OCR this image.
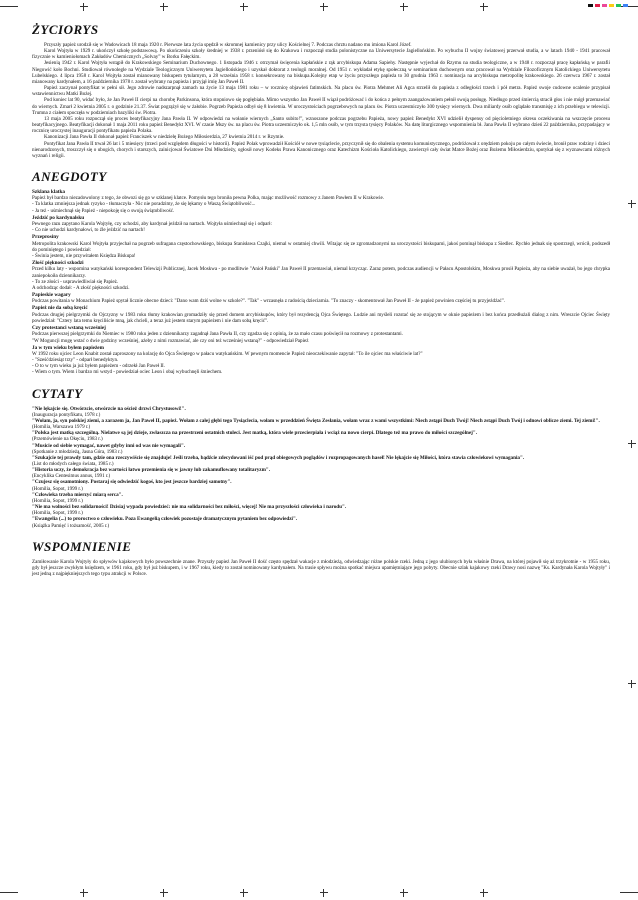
ŻYCIORYS

Przyszły papież urodził się w Wadowicach 18 maja 1920 r. Pierwsze lata życia spędził w skromnej kamienicy przy ulicy Kościelnej 7. Podczas chrztu nadano mu imiona Karol Józef.

Karol Wojtyła w 1929 r. ukończył szkołę podstawową. Po ukończeniu szkoły średniej w 1938 r. przeniósł się do Krakowa i rozpoczął studia polonistyczne na Uniwersytecie Jagiellońskim. Po wybuchu II wojny światowej przerwał studia, a w latach 1940 - 1941 pracował fizycznie w kamieniołomach Zakładów Chemicznych „Solvay” w Borku Fałęckim.

Jesienią 1942 r. Karol Wojtyła wstąpił do Krakowskiego Seminarium Duchownego. 1 listopada 1946 r. otrzymał święcenia kapłańskie z rąk arcybiskupa Adama Sapiehy. Następnie wyjechał do Rzymu na studia teologiczne, a w 1948 r. rozpoczął pracę kapłańską w parafii Niegowić koło Bochni. Studiował równolegle na Wydziale Teologicznym Uniwersytetu Jagiellońskiego i uzyskał doktorat z teologii moralnej. Od 1951 r. wykładał etykę społeczną w seminarium duchownym oraz pracował na Wydziale Filozoficznym Katolickiego Uniwersytetu Lubelskiego. 4 lipca 1958 r. Karol Wojtyła został mianowany biskupem tytularnym, a 28 września 1958 r. konsekrowany na biskupa.Kolejny etap w życiu przyszłego papieża to 30 grudnia 1963 r. nominacja na arcybiskupa metropolitę krakowskiego. 26 czerwca 1967 r. został mianowany kardynałem, a 16 października 1978 r. został wybrany na papieża i przyjął imię Jan Paweł II.

Papież zaczynał pontyfikat w pełni sił. Jego zdrowie nadszarpnął zamach na życie 13 maja 1981 roku – w rocznicę objawień fatimskich. Na placu św. Piotra Mehmet Ali Agca strzelił do papieża z odległości trzech i pół metra. Papież swoje cudowne ocalenie przypisał wstawiennictwu Matki Bożej.

Pod koniec lat 90, widać było, że Jan Paweł II cierpi na chorobę Parkinsona, która stopniowo się pogłębiała. Mimo wszystko Jan Paweł II wiązł podróżować i do końca z pełnym zaangażowaniem pełnił swoją posługę. Niedługo przed śmiercią stracił głos i nie mógł przemawiać do wiernych. Zmarł 2 kwietnia 2005 r. o godzinie 21.37. Świat pogrążył się w żałobie. Pogrzeb Papieża odbył się 8 kwietnia. W uroczystościach pogrzebowych na placu św. Piotra uczestniczyło 300 tysięcy wiernych. Dwa miliardy osób oglądało transmisję z ich przebiegu w telewizji. Trumna z ciałem spoczęła w podziemiach bazyliki św. Piotra.

13 maja 2005 roku rozpoczął się proces beatyfikacyjny Jana Pawła II. W odpowiedzi na wołanie wiernych „Santo subito!”, wznoszone podczas pogrzebu Papieża, nowy papież Benedykt XVI udzielił dyspensy od pięcioletniego okresu oczekiwania na wszczęcie procesu beatyfikacyjnego. Beatyfikacji dokonał 1 maja 2011 roku papież Benedykt XVI. W czasie Mszy św. na placu św. Piotra uczestniczyło ok. 1,5 mln osób, w tym trzysta tysięcy Polaków. Na datę liturgicznego wspomnienia bł. Jana Pawła II wybrano dzień 22 października, przypadający w rocznicę uroczystej inauguracji pontyfikatu papieża Polaka.

Kanonizacji Jana Pawła II dokonał papież Franciszek w niedzielę Bożego Miłosierdzia, 27 kwietnia 2014 r. w Rzymie.

Pontyfikat Jana Pawła II trwał 26 lat i 5 miesięcy (trzeci pod względem długości w historii). Papież Polak wprowadził Kościół w nowe tysiąclecie, przyczynił się do obalenia systemu komunistycznego, podróżował z orędziem pokoju po całym świecie, bronił praw rodziny i dzieci nienarodzonych, troszczył się o ubogich, chorych i starszych, zainicjował Światowe Dni Młodzieży, ogłosił nowy Kodeks Prawa Kanonicznego oraz Katechizm Kościoła Katolickiego, zawierzył cały świat Matce Bożej oraz Bożemu Miłosierdziu, spotykał się z wyznawcami różnych wyznań i religii.

ANEGDOTY
Szklana klatka

Papież był bardzo niezadowolony z tego, że obwozi się go w szklanej klatce. Pomysłu tego broniła pewna Polka, mając możliwość rozmowy z Janem Pawłem II w Krakowie.

- Ta klatka zmniejsza jednak ryzyko - tłumaczyła - Nic nie poradzimy, że się lękamy o Waszą Świątobliwość...

- Ja też - uśmiechnął się Papież - niepokoję się o swoją świątobliwość.

Jeździć po kardynalsku

Pewnego razu zapytano Karola Wojtyłę, czy uchodzi, aby kardynał jeździł na nartach. Wojtyła uśmiechnął się i odparł:

- Co nie uchodzi kardynałowi, to źle jeździć na nartach!

Przeprosiny

Metropolita krakowski Karol Wojtyła przyjechał na pogrzeb sufragana częstochowskiego, biskupa Stanisława Czajki, niemal w ostatniej chwili. Witając się ze zgromadzonymi na uroczystości biskupami, jakoś pominął biskupa z Siedlec. Rychło jednak się spostrzegł, wrócił, podszedł do pominiętego i powiedział:

- Świnia jestem, nie przywitałem Księdza Biskupa!

Złość piękności szkodzi

Przed kilku laty - wspomina watykański korespondent Telewizji Publicznej, Jacek Moskwa - po modlitwie "Anioł Pański" Jan Paweł II przemawiał, niemal krzycząc. Zaraz potem, podczas audiencji w Pałacu Apostolskim, Moskwa prosił Papieża, aby na siebie uważał, bo jego chrypka zaniepokoiła dziennikarzy.

- To ze złości - usprawiedliwiał się Papież.

A odchodząc dodał: - A złość piękności szkodzi.

Papieskie wagary

Podczas powitania w Monachium Papież spytał licznie obecne dzieci: "Dano wam dziś wolne w szkole?". "Tak" - wrzasnęła z radością dzieciarnia. "To znaczy - skomentował Jan Paweł II - że papież powinien częściej tu przyjeżdżać".

Papież nie da sobą kręcić

Podczas drugiej pielgrzymki do Ojczyzny w 1983 roku tłumy krakowian gromadziły się przed domem arcybiskupów, który był rezydencją Ojca Świętego. Ludzie ani myśleli rozstać się ze stojącym w oknie papieżem i bez końca przedłużali dialog z nim. Wreszcie Ojciec Święty powiedział: "Cztery lata temu kręciliście mną, jak chcieli, a teraz już jestem starym papieżem i nie dam sobą kręcić".

Czy protestanci wstaną wcześniej

Podczas pierwszej pielgrzymki do Niemiec w 1980 roku jeden z dziennikarzy zagadnął Jana Pawła II, czy zgadza się z opinią, że za mało czasu poświęcił na rozmowy z protestantami.

"W Moguncji mogę wstać o dwie godziny wcześniej, ażeby z nimi rozmawiać, ale czy oni też wcześniej wstaną?" - odpowiedział Papież

Ja w tym wieku byłem papieżem

W 1992 roku ojciec Leon Knabit został zaproszony na kolację do Ojca Świętego w pałacu watykańskim. W pewnym momencie Papież nieoczekiwanie zapytał: "To ile ojciec ma właściwie lat?"

- "Sześćdziesiąt trzy" - odparł benedyktyn.

- O to w tym wieku ja już byłem papieżem - odrzekł Jan Paweł II.

- Wiem o tym. Wiem i bardzo mi wstyd - powiedział ociec Leon i obaj wybuchnęli śmiechem.

CYTATY
"Nie lękajcie się. Otwórzcie, otwórzcie na oścież drzwi Chrystusowi!".
(Inauguracja pontyfikatu, 1978 r.)
"Wołam, ja, syn polskiej ziemi, a zarazem ja, Jan Paweł II, papież. Wołam z całej głębi tego Tysiąclecia, wołam w przeddzień Święta Zesłania, wołam wraz z wami wszystkimi: Niech zstąpi Duch Twój! Niech zstąpi Duch Twój i odnowi oblicze ziemi. Tej ziemi!".
(Homilia, Warszawa 1979 r.)
"Polska jest matką szczególną. Nielatwe są jej dzieje, zwłaszcza na przestrzeni ostatnich stuleci. Jest matką, która wiele przecierpiała i wciąż na nowo cierpi. Dlatego też ma prawo do miłości szczególnej".
(Przemówienie na Okęciu, 1983 r.)
"Musicie od siebie wymagać, nawet gdyby inni od was nie wymagali".
(Spotkanie z młodzieżą, Jasna Góra, 1983 r.)
"Szukajcie tej prawdy tam, gdzie ona rzeczywiście się znajduje! Jeśli trzeba, bądźcie zdecydowani iść pod prąd obiegowych poglądów i rozpropagowanych haseł! Nie lękajcie się Miłości, która stawia człowiekowi wymagania".
(List do młodych całego świata, 1985 r.)
"Historia uczy, że demokracja bez wartości łatwo przemienia się w jawny lub zakamuflowany totalitaryzm".
(Encyklika Centesimus annus, 1991 r.)
"Czujesz się osamotniony. Postaraj się odwiedzić kogoś, kto jest jeszcze bardziej samotny".
(Homilia, Sopot, 1999 r.)
"Człowieka trzeba mierzyć miarą serca".
(Homilia, Sopot, 1999 r.)
"Nie ma wolności bez solidarności! Dzisiaj wypada powiedzieć: nie ma solidarności bez miłości, więcej! Nie ma przyszłości człowieka i narodu".
(Homilia, Sopot, 1999 r.)
"Ewangelia (...) to proroctwo o człowieku. Poza Ewangelią człowiek pozostaje dramatycznym pytaniem bez odpowiedzi".
(Książka Pamięć i tożsamość, 2005 r.)
WSPOMNIENIE

Zamiłowanie Karola Wojtyły do spływów kajakowych było powszechnie znane. Przyszły papież Jan Paweł II dość często spędzał wakacje z młodzieżą, odwiedzając różne polskie rzeki. Jedną z jego ulubionych była właśnie Drawa, na której pojawił się aż trzykrotnie - w 1955 roku, gdy był jeszcze zwykłym księdzem, w 1961 roku, gdy był już biskupem, i w 1967 roku, kiedy to został nominowany kardynałem. Na trasie spływu można spotkać miejsca upamiętniające jego pobyty. Obecnie szlak kajakowy rzeki Drawy nosi nazwę "Ks. Kardynała Karola Wojtyły" i jest jedną z najpiękniejszych tego typu atrakcji w Polsce.
